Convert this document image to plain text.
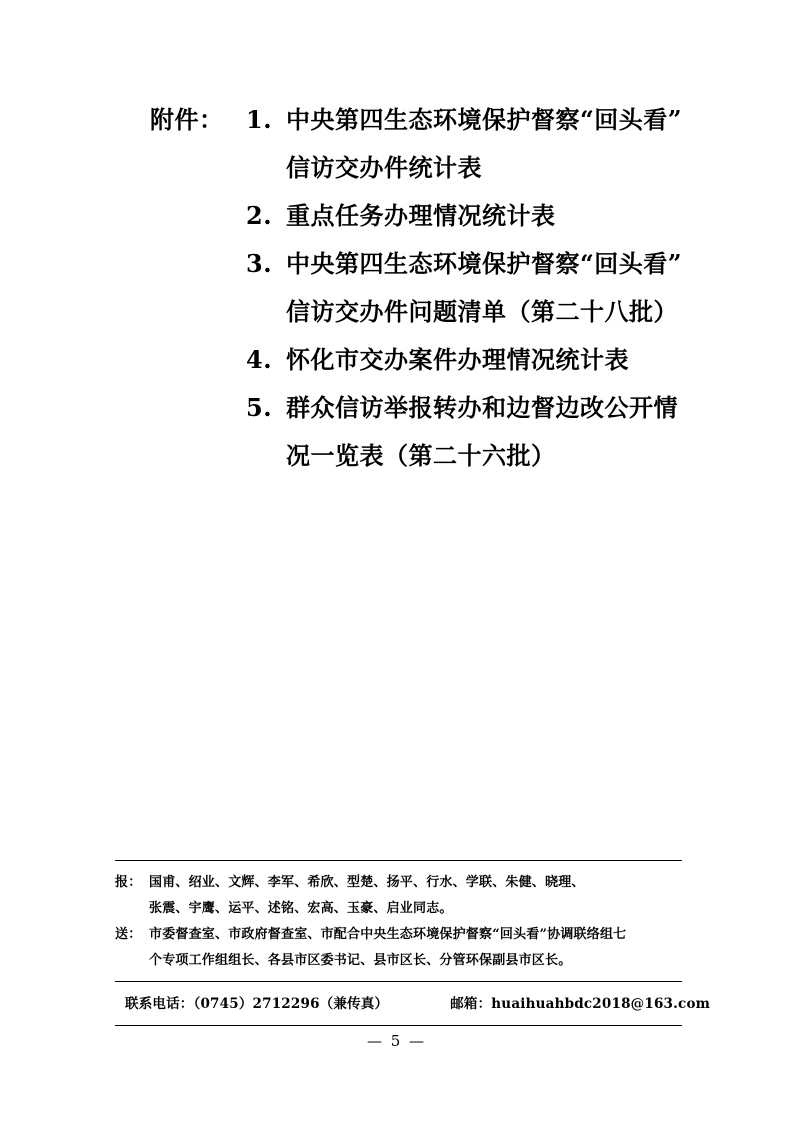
附件： 1. 中央第四生态环境保护督察“回头看”
信访交办件统计表
2. 重点任务办理情况统计表
3. 中央第四生态环境保护督察“回头看”
信访交办件问题清单（第二十八批）
4. 怀化市交办案件办理情况统计表
5. 群众信访举报转办和边督边改公开情
况一览表（第二十六批）
报： 国甫、绍业、文辉、李军、希欣、型楚、扬平、行水、学联、朱健、晓理、
张震、宇鹰、运平、述铭、宏高、玉豪、启业同志。
送： 市委督查室、市政府督查室、市配合中央生态环境保护督察“回头看”协调联络组七
个专项工作组组长、各县市区委书记、县市区长、分管环保副县市区长。
联系电话：（0745）2712296（兼传真）	邮箱：huaihuahbdc2018@163.com
— 5 —
